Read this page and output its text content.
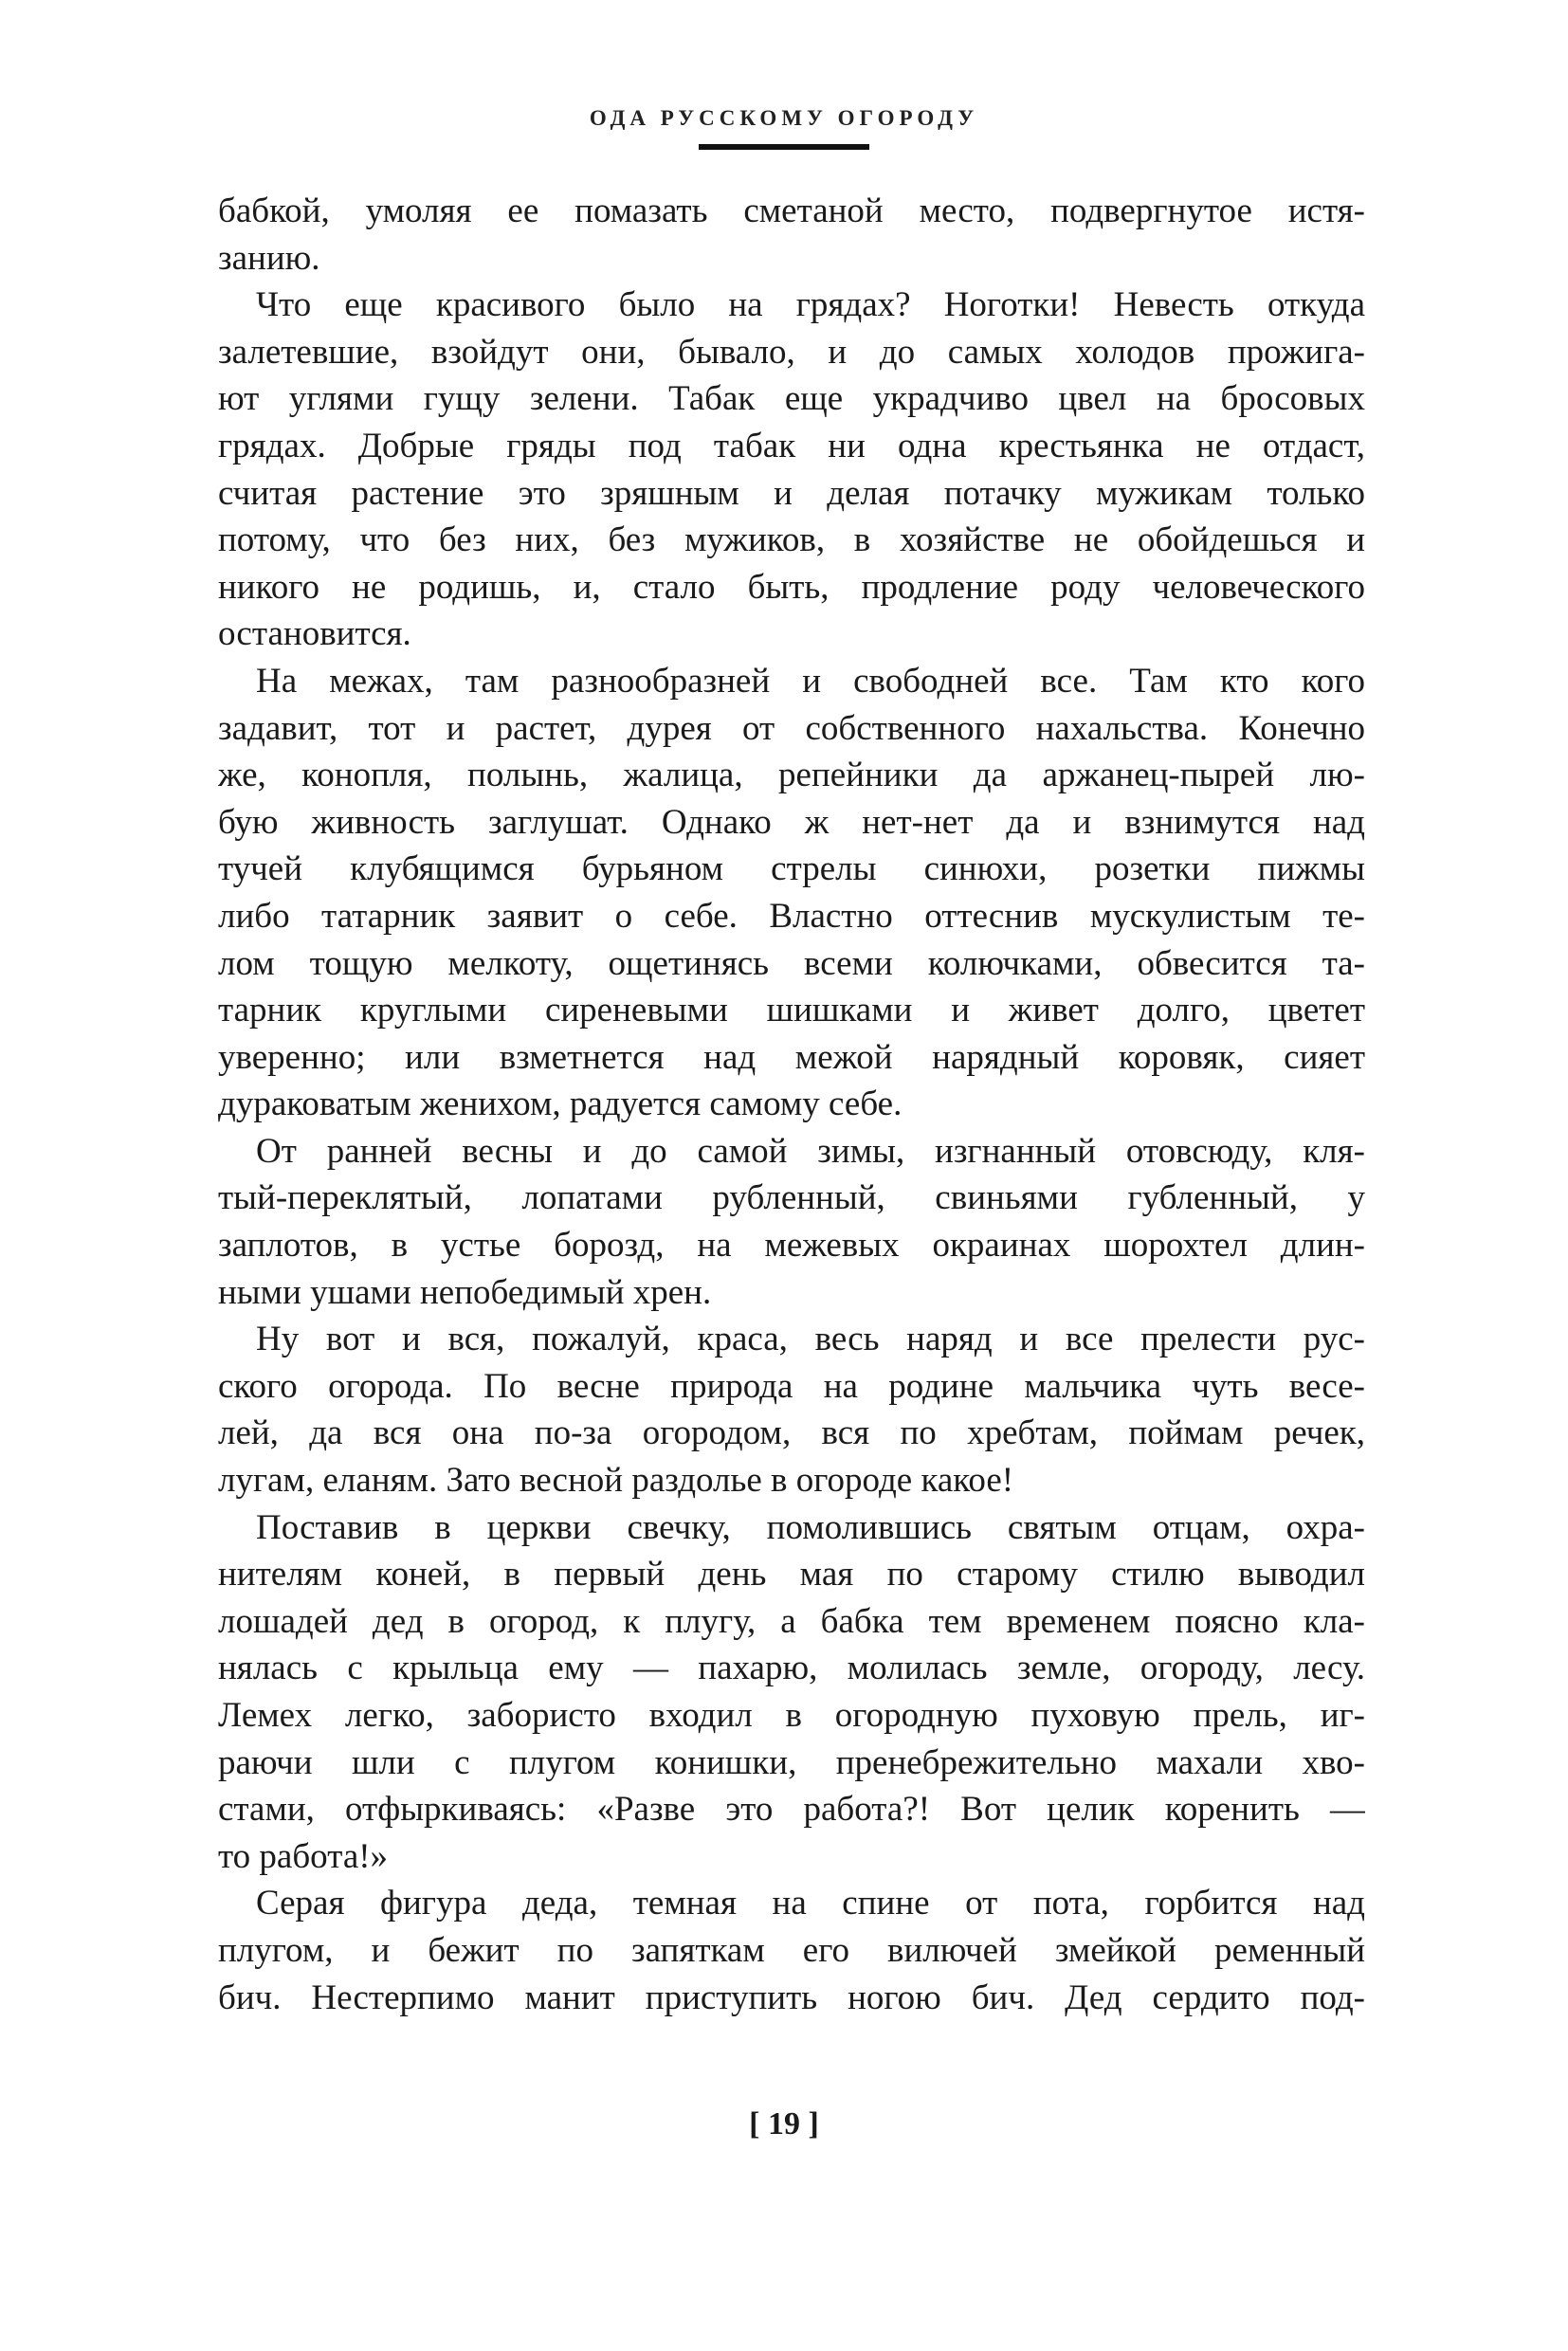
ОДА РУССКОМУ ОГОРОДУ
бабкой, умоляя ее помазать сметаной место, подвергнутое истя-
занию.
Что еще красивого было на грядах? Ноготки! Невесть откуда
залетевшие, взойдут они, бывало, и до самых холодов прожига-
ют углями гущу зелени. Табак еще украдчиво цвел на бросовых
грядах. Добрые гряды под табак ни одна крестьянка не отдаст,
считая растение это зряшным и делая потачку мужикам только
потому, что без них, без мужиков, в хозяйстве не обойдешься и
никого не родишь, и, стало быть, продление роду человеческого
остановится.
На межах, там разнообразней и свободней все. Там кто кого
задавит, тот и растет, дурея от собственного нахальства. Конечно
же, конопля, полынь, жалица, репейники да аржанец-пырей лю-
бую живность заглушат. Однако ж нет-нет да и взнимутся над
тучей клубящимся бурьяном стрелы синюхи, розетки пижмы
либо татарник заявит о себе. Властно оттеснив мускулистым те-
лом тощую мелкоту, ощетинясь всеми колючками, обвесится та-
тарник круглыми сиреневыми шишками и живет долго, цветет
уверенно; или взметнется над межой нарядный коровяк, сияет
дураковатым женихом, радуется самому себе.
От ранней весны и до самой зимы, изгнанный отовсюду, кля-
тый-переклятый, лопатами рубленный, свиньями губленный, у
заплотов, в устье борозд, на межевых окраинах шорохтел длин-
ными ушами непобедимый хрен.
Ну вот и вся, пожалуй, краса, весь наряд и все прелести рус-
ского огорода. По весне природа на родине мальчика чуть весе-
лей, да вся она по-за огородом, вся по хребтам, поймам речек,
лугам, еланям. Зато весной раздолье в огороде какое!
Поставив в церкви свечку, помолившись святым отцам, охра-
нителям коней, в первый день мая по старому стилю выводил
лошадей дед в огород, к плугу, а бабка тем временем поясно кла-
нялась с крыльца ему — пахарю, молилась земле, огороду, лесу.
Лемех легко, забористо входил в огородную пуховую прель, иг-
раючи шли с плугом конишки, пренебрежительно махали хво-
стами, отфыркиваясь: «Разве это работа?! Вот целик коренить —
то работа!»
Серая фигура деда, темная на спине от пота, горбится над
плугом, и бежит по запяткам его вилючей змейкой ременный
бич. Нестерпимо манит приступить ногою бич. Дед сердито под-
[ 19 ]
